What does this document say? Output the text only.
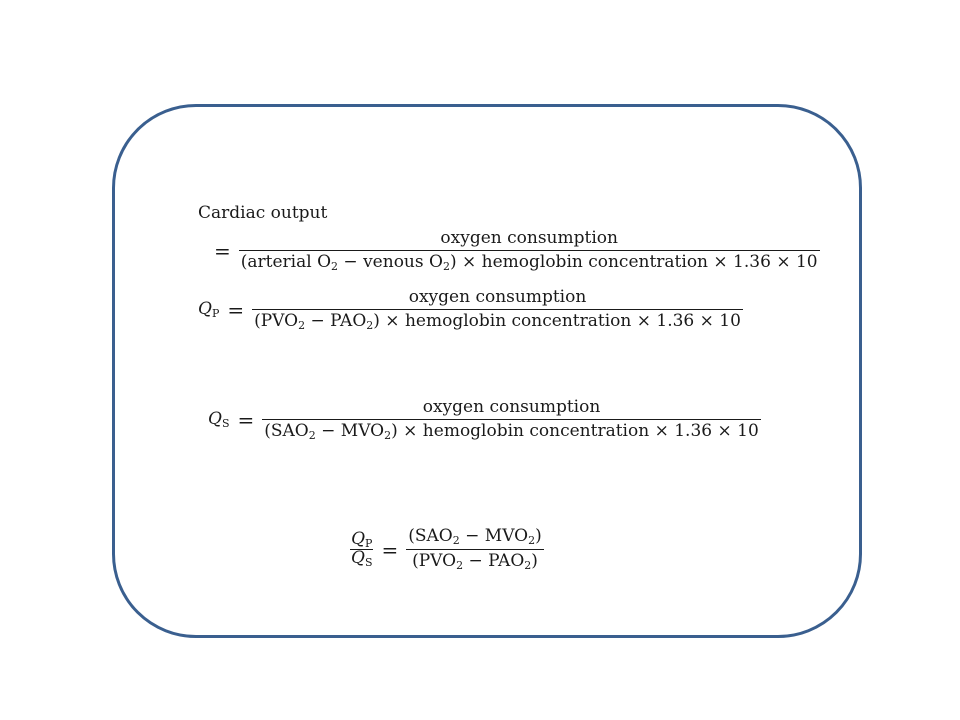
Cardiac output
=
oxygen consumption
(arterial $O_2$ − venous $O_2$) × hemoglobin concentration × 1.36 × 10
$Q_P = \frac{\text{oxygen consumption}}{(PVO_2 - PAO_2) \times hemoglobin concentration \times 1.36 \times 10}$
$Q_S = \frac{\text{oxygen consumption}}{(SAO_2 - MVO_2) \times hemoglobin concentration \times 1.36 \times 10}$
$\frac{Q_P}{Q_S} = \frac{(SAO_2 - MVO_2)}{(PVO_2 - PAO_2)}$
